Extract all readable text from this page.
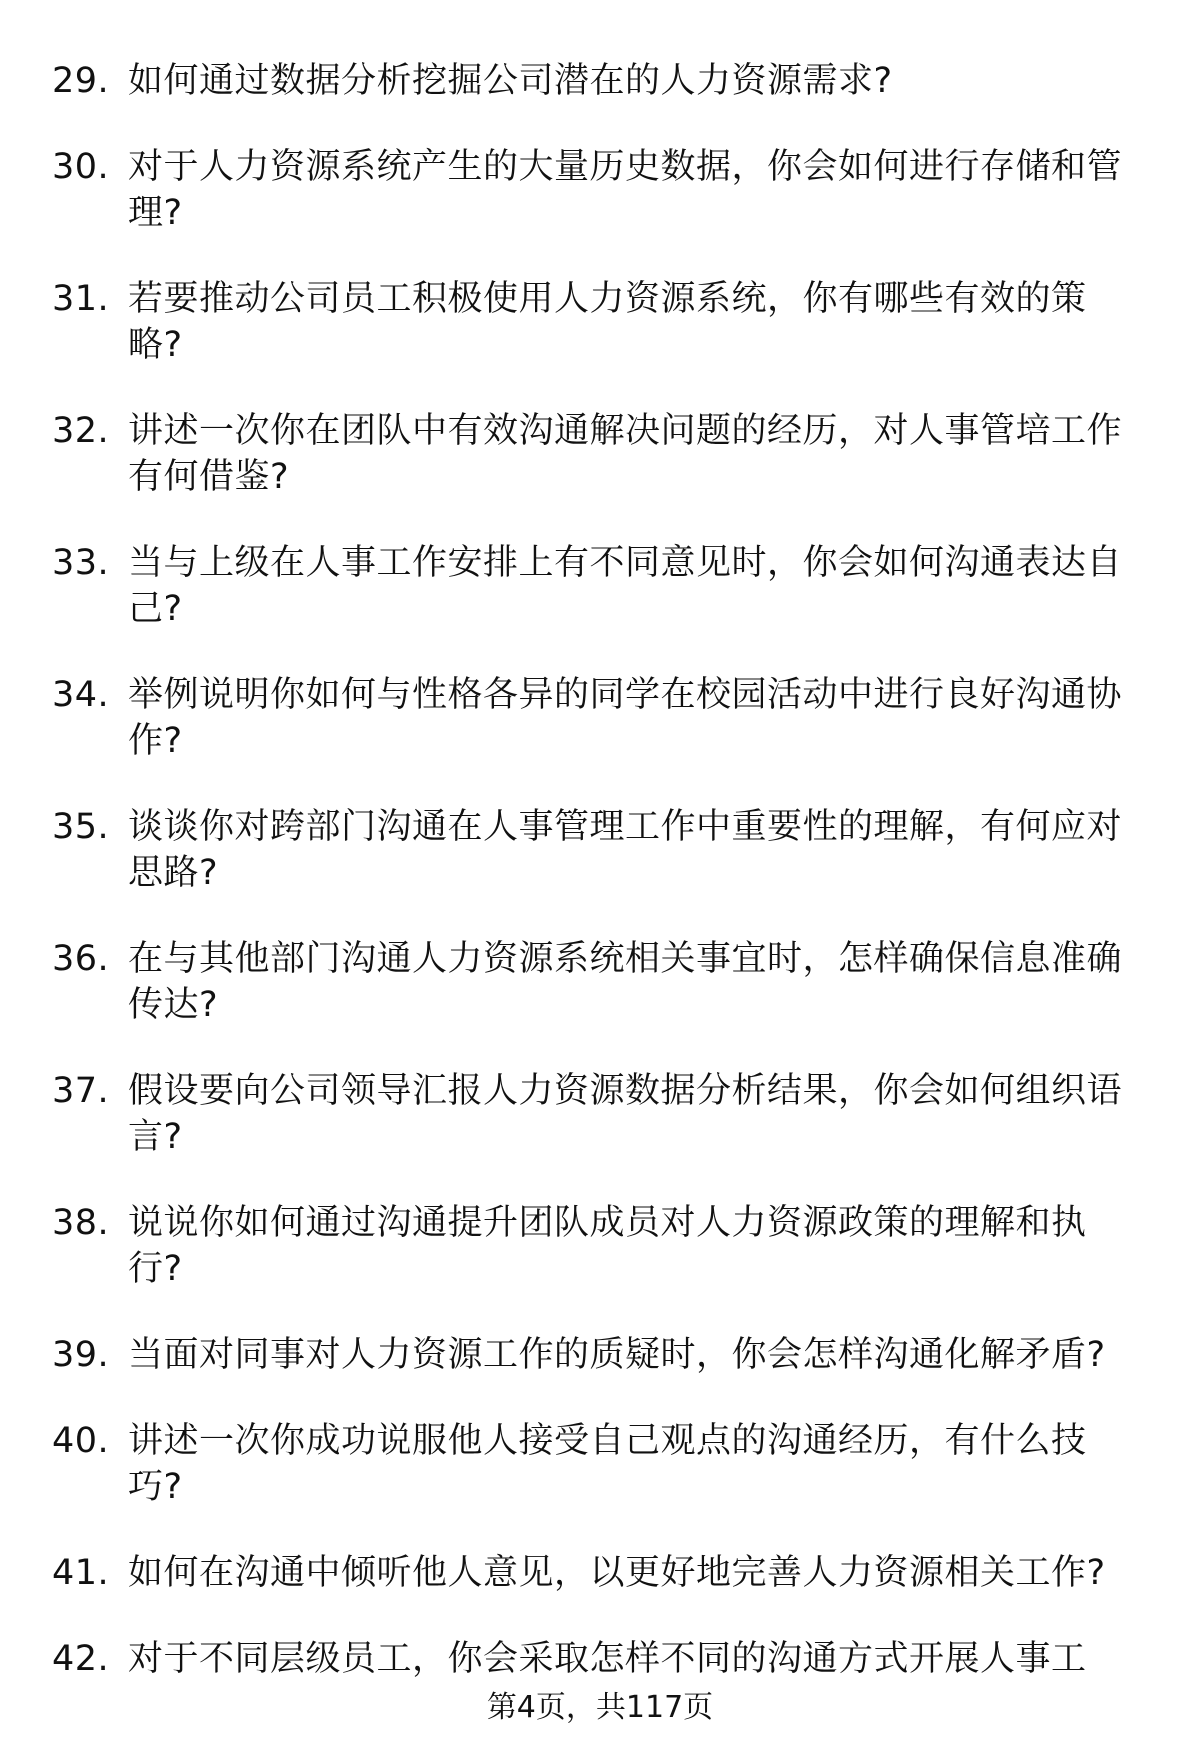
29. 如何通过数据分析挖掘公司潜在的人力资源需求?
30. 对于人力资源系统产生的大量历史数据，你会如何进行存储和管理?
31. 若要推动公司员工积极使用人力资源系统，你有哪些有效的策略?
32. 讲述一次你在团队中有效沟通解决问题的经历，对人事管培工作有何借鉴?
33. 当与上级在人事工作安排上有不同意见时，你会如何沟通表达自己?
34. 举例说明你如何与性格各异的同学在校园活动中进行良好沟通协作?
35. 谈谈你对跨部门沟通在人事管理工作中重要性的理解，有何应对思路?
36. 在与其他部门沟通人力资源系统相关事宜时，怎样确保信息准确传达?
37. 假设要向公司领导汇报人力资源数据分析结果，你会如何组织语言?
38. 说说你如何通过沟通提升团队成员对人力资源政策的理解和执行?
39. 当面对同事对人力资源工作的质疑时，你会怎样沟通化解矛盾?
40. 讲述一次你成功说服他人接受自己观点的沟通经历，有什么技巧?
41. 如何在沟通中倾听他人意见，以更好地完善人力资源相关工作?
42. 对于不同层级员工，你会采取怎样不同的沟通方式开展人事工
第4页，共117页
